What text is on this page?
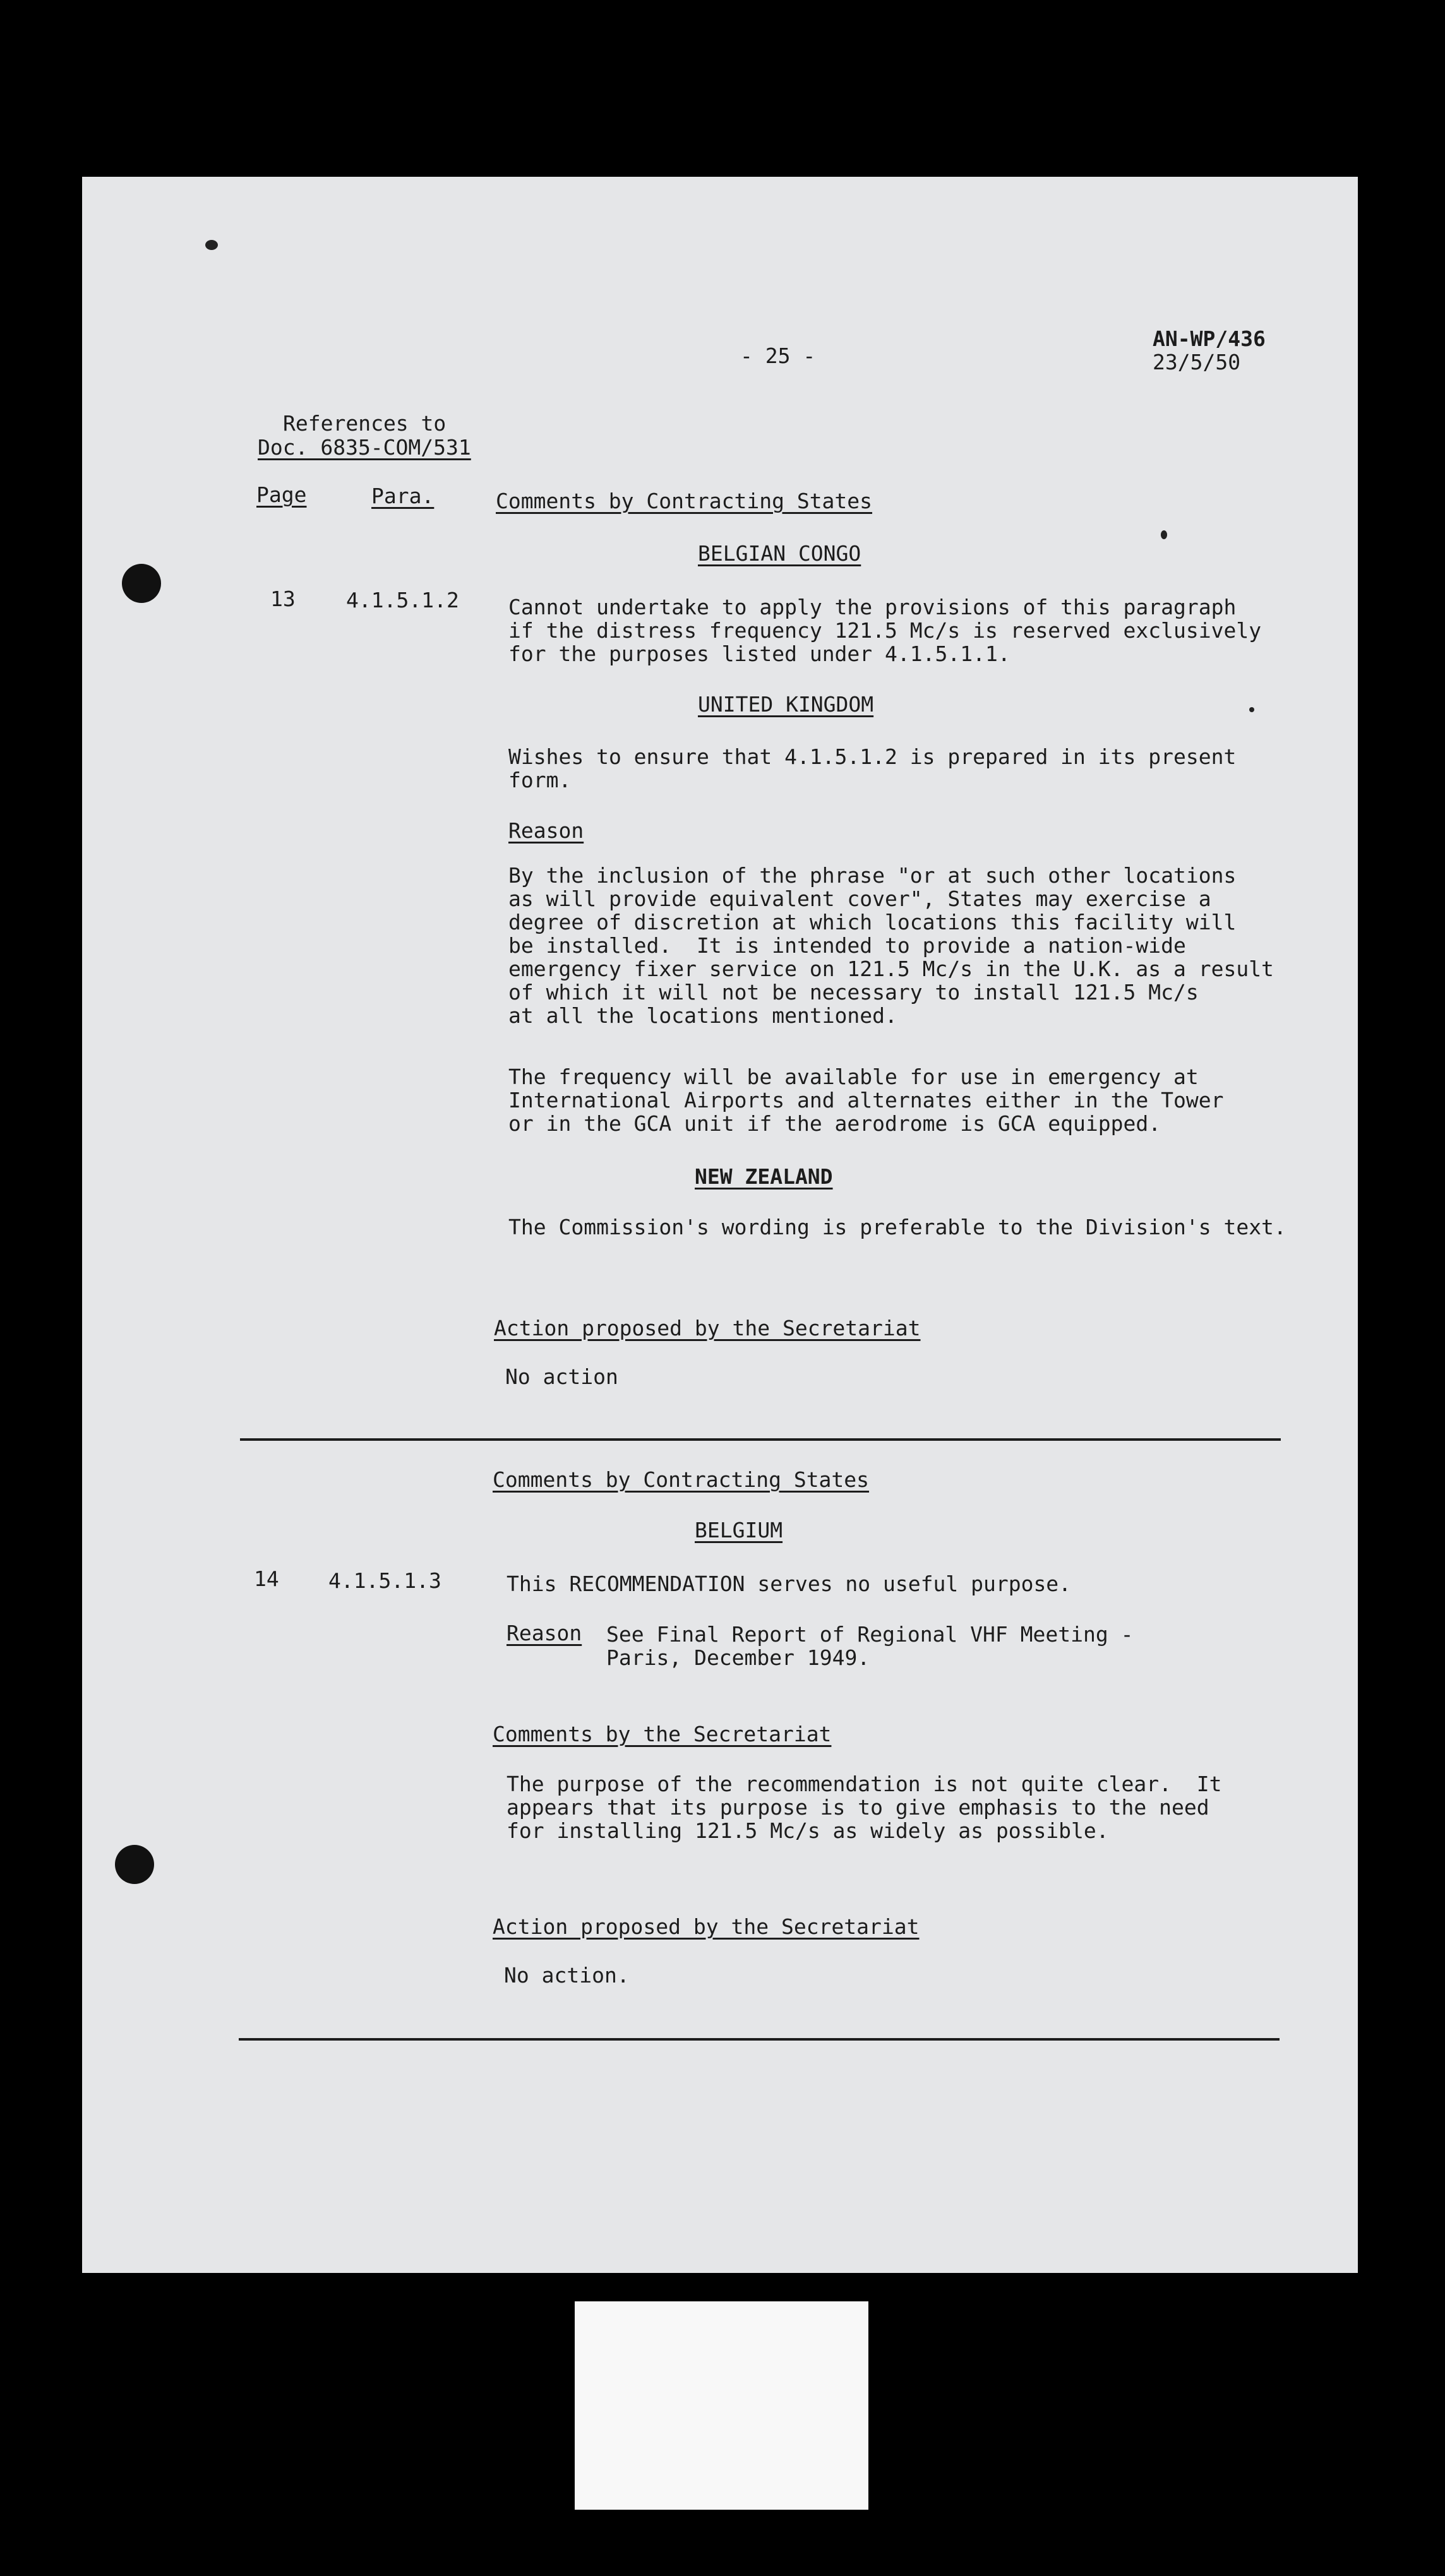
- 25 -
AN-WP/436
23/5/50
References to
Doc. 6835-COM/531
Page	Para.	Comments by Contracting States
BELGIAN CONGO
13 4.1.5.1.2 Cannot undertake to apply the provisions of this paragraph
if the distress frequency 121.5 Mc/s is reserved exclusively
for the purposes listed under 4.1.5.1.1.
UNITED KINGDOM
Wishes to ensure that 4.1.5.1.2 is prepared in its present
form.
Reason
By the inclusion of the phrase "or at such other locations
as will provide equivalent cover", States may exercise a
degree of discretion at which locations this facility will
be installed.  It is intended to provide a nation-wide
emergency fixer service on 121.5 Mc/s in the U.K. as a result
of which it will not be necessary to install 121.5 Mc/s
at all the locations mentioned.
The frequency will be available for use in emergency at
International Airports and alternates either in the Tower
or in the GCA unit if the aerodrome is GCA equipped.
NEW ZEALAND
The Commission's wording is preferable to the Division's text.
Action proposed by the Secretariat
No action
Comments by Contracting States
BELGIUM
14 4.1.5.1.3	This RECOMMENDATION serves no useful purpose.
Reason See Final Report of Regional VHF Meeting -
Paris, December 1949.
Comments by the Secretariat
The purpose of the recommendation is not quite clear.  It
appears that its purpose is to give emphasis to the need
for installing 121.5 Mc/s as widely as possible.
Action proposed by the Secretariat
No action.
